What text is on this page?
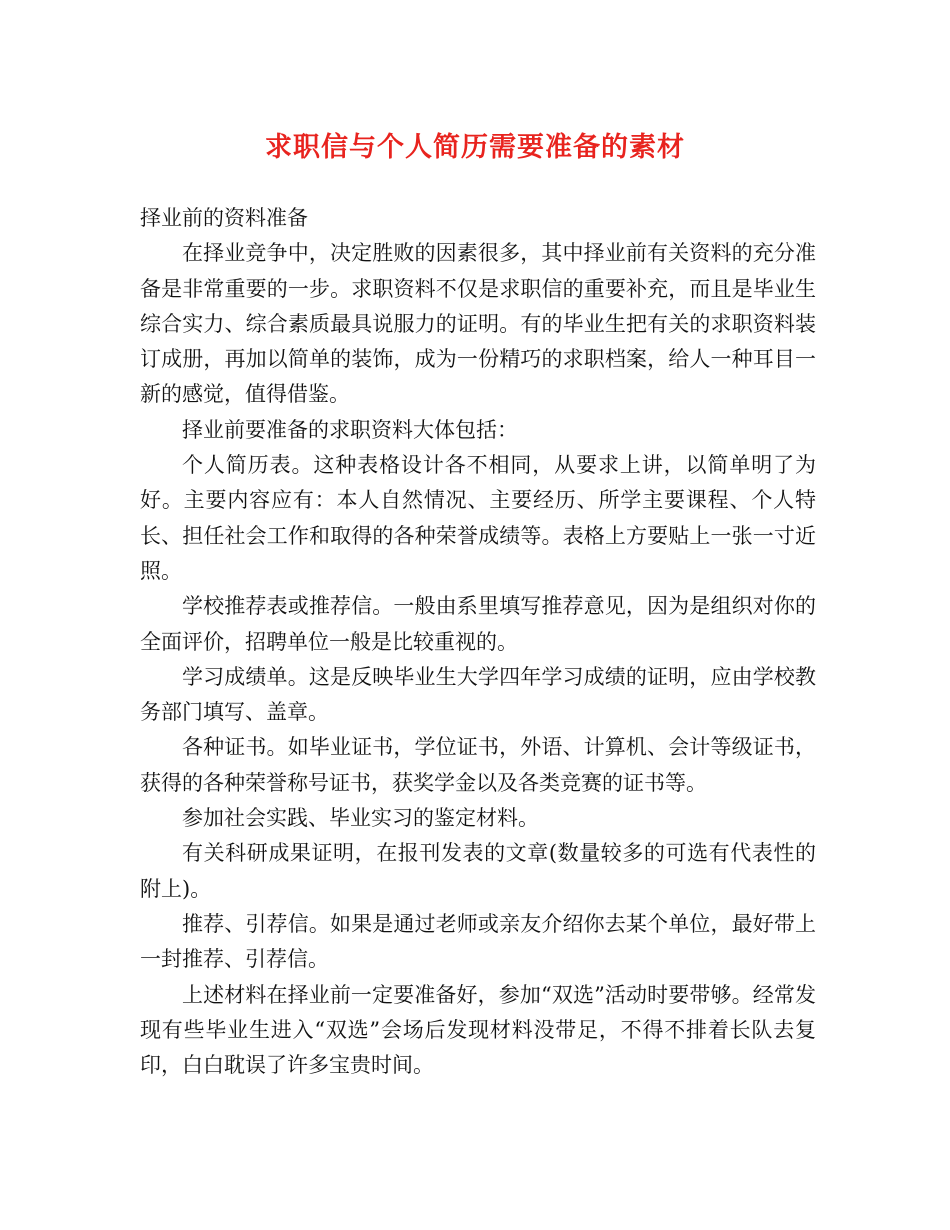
求职信与个人简历需要准备的素材

择业前的资料准备

在择业竞争中，决定胜败的因素很多，其中择业前有关资料的充分准备是非常重要的一步。求职资料不仅是求职信的重要补充，而且是毕业生综合实力、综合素质最具说服力的证明。有的毕业生把有关的求职资料装订成册，再加以简单的装饰，成为一份精巧的求职档案，给人一种耳目一新的感觉，值得借鉴。

择业前要准备的求职资料大体包括：

个人简历表。这种表格设计各不相同，从要求上讲，以简单明了为好。主要内容应有：本人自然情况、主要经历、所学主要课程、个人特长、担任社会工作和取得的各种荣誉成绩等。表格上方要贴上一张一寸近照。

学校推荐表或推荐信。一般由系里填写推荐意见，因为是组织对你的全面评价，招聘单位一般是比较重视的。

学习成绩单。这是反映毕业生大学四年学习成绩的证明，应由学校教务部门填写、盖章。

各种证书。如毕业证书，学位证书，外语、计算机、会计等级证书，获得的各种荣誉称号证书，获奖学金以及各类竞赛的证书等。

参加社会实践、毕业实习的鉴定材料。

有关科研成果证明，在报刊发表的文章(数量较多的可选有代表性的附上)。

推荐、引荐信。如果是通过老师或亲友介绍你去某个单位，最好带上一封推荐、引荐信。

上述材料在择业前一定要准备好，参加“双选”活动时要带够。经常发现有些毕业生进入“双选”会场后发现材料没带足，不得不排着长队去复印，白白耽误了许多宝贵时间。
